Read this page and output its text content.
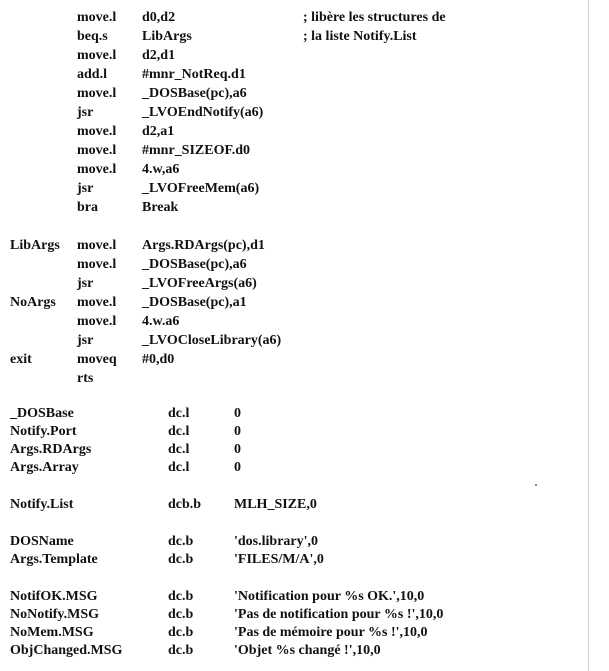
move.l d0,d2	; libère les structures de
beq.s LibArgs	; la liste Notify.List
move.l d2,d1
add.l	#mnr_NotReq.d1
move.l _DOSBase(pc),a6
jsr	_LVOEndNotify(a6)
move.l d2,a1
move.l #mnr_SIZEOF.d0
move.l 4.w,a6
jsr	_LVOFreeMem(a6)
bra	Break
LibArgs move.l Args.RDArgs(pc),d1
move.l _DOSBase(pc),a6
jsr	_LVOFreeArgs(a6)
NoArgs move.l _DOSBase(pc),a1
move.l 4.w.a6
jsr	_LVOCloseLibrary(a6)
exit	moveq #0,d0
rts
_DOSBase	dc.l	0
Notify.Port	dc.l	0
Args.RDArgs	dc.l	0
Args.Array	dc.l	0
Notify.List	dcb.b MLH_SIZE,0
DOSName	dc.b	'dos.library',0
Args.Template	dc.b	'FILES/M/A',0
NotifOK.MSG	dc.b	'Notification pour %s OK.',10,0
NoNotify.MSG	dc.b	'Pas de notification pour %s !',10,0
NoMem.MSG	dc.b	'Pas de mémoire pour %s !',10,0
ObjChanged.MSG	dc.b	'Objet %s changé !',10,0
